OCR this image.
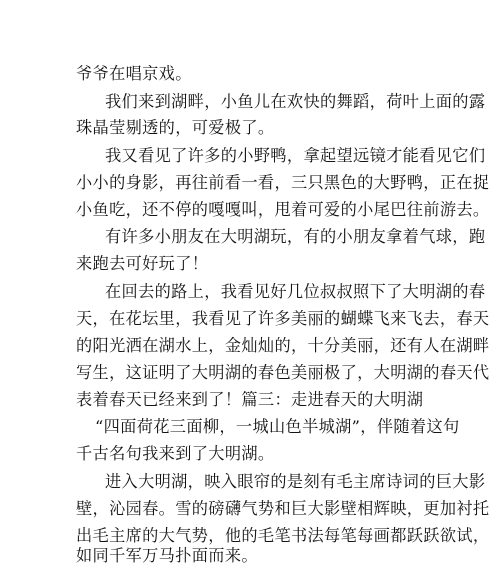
爷爷在唱京戏。
我们来到湖畔，小鱼儿在欢快的舞蹈，荷叶上面的露
珠晶莹剔透的，可爱极了。
我又看见了许多的小野鸭，拿起望远镜才能看见它们
小小的身影，再往前看一看，三只黑色的大野鸭，正在捉
小鱼吃，还不停的嘎嘎叫，甩着可爱的小尾巴往前游去。
有许多小朋友在大明湖玩，有的小朋友拿着气球，跑
来跑去可好玩了！
在回去的路上，我看见好几位叔叔照下了大明湖的春
天，在花坛里，我看见了许多美丽的蝴蝶飞来飞去，春天
的阳光洒在湖水上，金灿灿的，十分美丽，还有人在湖畔
写生，这证明了大明湖的春色美丽极了，大明湖的春天代
表着春天已经来到了！篇三：走进春天的大明湖
“四面荷花三面柳，一城山色半城湖”，伴随着这句
千古名句我来到了大明湖。
进入大明湖，映入眼帘的是刻有毛主席诗词的巨大影
壁，沁园春。雪的磅礴气势和巨大影壁相辉映，更加衬托
出毛主席的大气势，他的毛笔书法每笔每画都跃跃欲试，
如同千军万马扑面而来。
